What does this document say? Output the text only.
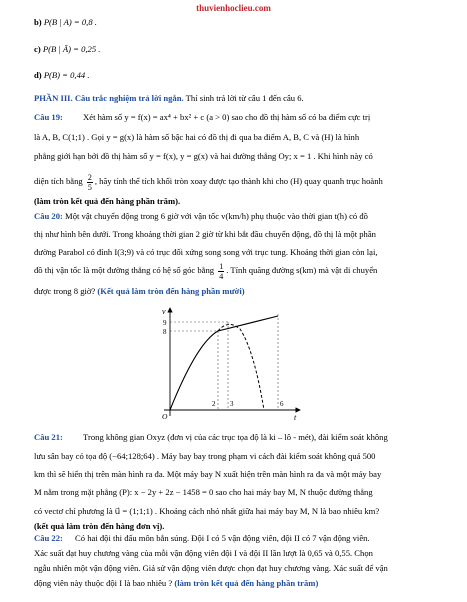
thuvienhoclieu.com
b) P(B | A) = 0,8 .
c) P(B | Ā) = 0,25 .
d) P(B) = 0,44 .
PHẦN III. Câu trắc nghiệm trả lời ngắn. Thí sinh trả lời từ câu 1 đến câu 6.
Câu 19: Xét hàm số y = f(x) = ax⁴ + bx² + c (a > 0) sao cho đồ thị hàm số có ba điểm cực trị
là A, B, C(1;1) . Gọi y = g(x) là hàm số bậc hai có đồ thị đi qua ba điểm A, B, C và (H) là hình
phẳng giới hạn bởi đồ thị hàm số y = f(x), y = g(x) và hai đường thẳng Oy; x = 1 . Khi hình này có
diện tích bằng $\frac{2}{5}$ , hãy tính thể tích khối tròn xoay được tạo thành khi cho (H) quay quanh trục hoành
(làm tròn kết quả đến hàng phần trăm).
Câu 20: Một vật chuyển động trong 6 giờ với vận tốc v(km/h) phụ thuộc vào thời gian t(h) có đồ
thị như hình bên dưới. Trong khoảng thời gian 2 giờ từ khi bắt đầu chuyển động, đồ thị là một phần
đường Parabol có đỉnh I(3;9) và có trục đối xứng song song với trục tung. Khoảng thời gian còn lại,
đồ thị vận tốc là một đường thẳng có hệ số góc bằng $\frac{1}{4}$ . Tính quãng đường s(km) mà vật di chuyển
được trong 8 giờ? (Kết quả làm tròn đến hàng phần mười)
v
t
O
9
8
2 3	6
Câu 21: Trong không gian Oxyz (đơn vị của các trục tọa độ là ki – lô - mét), đài kiểm soát không
lưu sân bay có tọa độ (−64;128;64) . Máy bay bay trong phạm vi cách đài kiểm soát không quá 500
km thì sẽ hiển thị trên màn hình ra đa. Một máy bay N xuất hiện trên màn hình ra đa và một máy bay
M nằm trong mặt phẳng (P): x − 2y + 2z − 1458 = 0 sao cho hai máy bay M, N thuộc đường thẳng
có vectơ chỉ phương là u⃗ = (1;1;1) . Khoảng cách nhỏ nhất giữa hai máy bay M, N là bao nhiêu km?
(kết quả làm tròn đến hàng đơn vị).
Câu 22: Có hai đội thi đấu môn bắn súng. Đội I có 5 vận động viên, đội II có 7 vận động viên.
Xác suất đạt huy chương vàng của mỗi vận động viên đội I và đội II lần lượt là 0,65 và 0,55. Chọn
ngẫu nhiên một vận động viên. Giả sử vận động viên được chọn đạt huy chương vàng. Xác suất để vận
động viên này thuộc đội I là bao nhiêu ? (làm tròn kết quả đến hàng phần trăm)
